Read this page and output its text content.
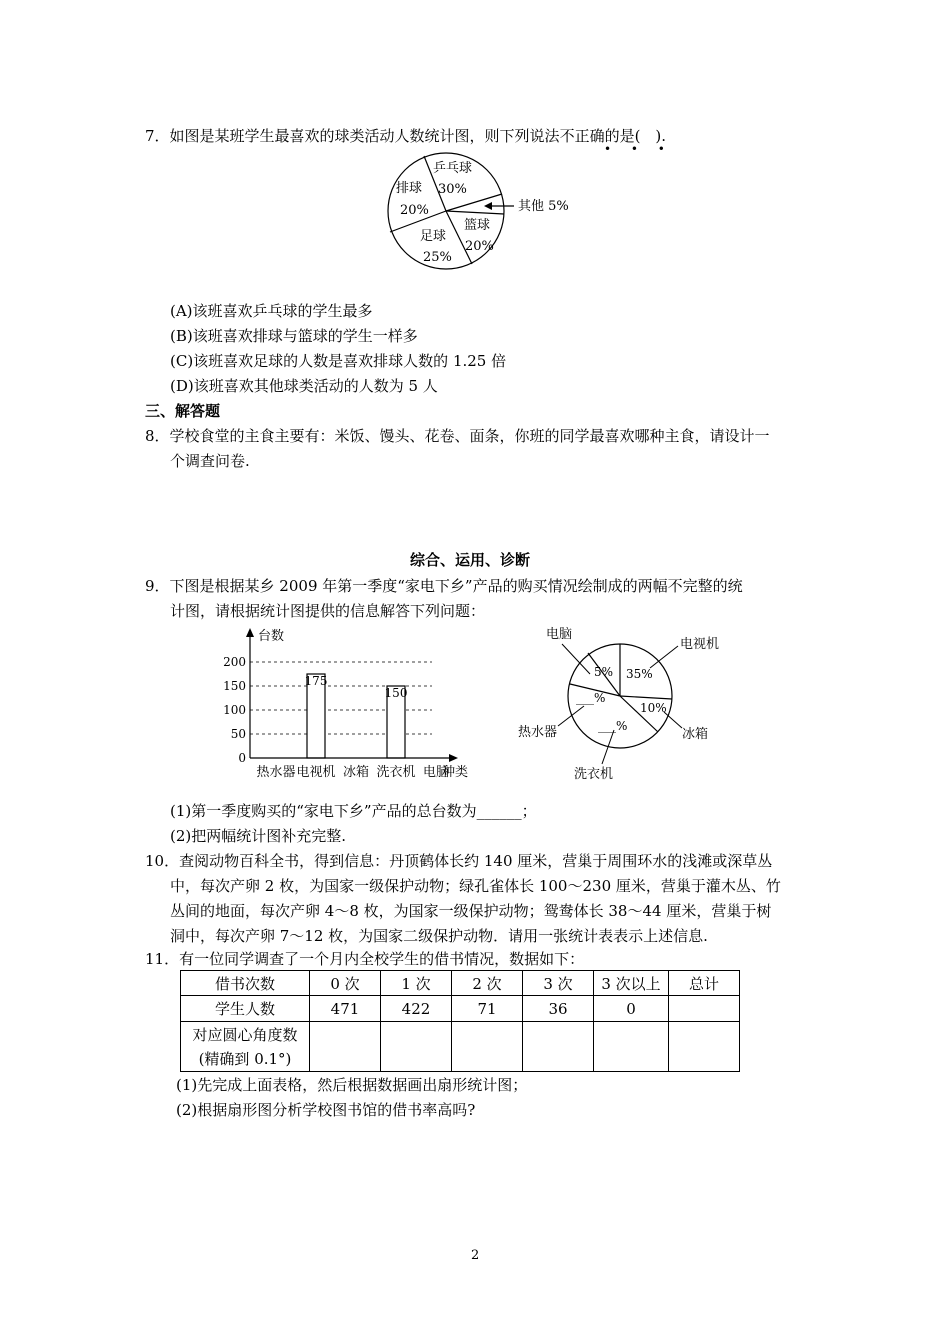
7．如图是某班学生最喜欢的球类活动人数统计图，则下列说法不正确的是(　).
• • •
乒乓球
30%
排球
20%
足球
25%
篮球
20%
其他 5%
(A)该班喜欢乒乓球的学生最多
(B)该班喜欢排球与篮球的学生一样多
(C)该班喜欢足球的人数是喜欢排球人数的 1.25 倍
(D)该班喜欢其他球类活动的人数为 5 人
三、解答题
8．学校食堂的主食主要有：米饭、馒头、花卷、面条，你班的同学最喜欢哪种主食，请设计一
个调查问卷.
综合、运用、诊断
9．下图是根据某乡 2009 年第一季度“家电下乡”产品的购买情况绘制成的两幅不完整的统
计图，请根据统计图提供的信息解答下列问题：
175
150
台数
0
50
100
150
200
热水器 电视机 冰箱 洗衣机 电脑
种类
电脑
电视机
热水器	冰箱
洗衣机
5% 35%
___%
10%
___%
(1)第一季度购买的“家电下乡”产品的总台数为______；
(2)把两幅统计图补充完整.
10．查阅动物百科全书，得到信息：丹顶鹤体长约 140 厘米，营巢于周围环水的浅滩或深草丛
中，每次产卵 2 枚，为国家一级保护动物；绿孔雀体长 100～230 厘米，营巢于灌木丛、竹
丛间的地面，每次产卵 4～8 枚，为国家一级保护动物；鸳鸯体长 38～44 厘米，营巢于树
洞中，每次产卵 7～12 枚，为国家二级保护动物．请用一张统计表表示上述信息.
11．有一位同学调查了一个月内全校学生的借书情况，数据如下：
借书次数	0 次	1 次	2 次	3 次	3 次以上	总计
学生人数	471	422	71	36	0	

对应圆心角度数
(精确到 0.1°)						

(1)先完成上面表格，然后根据数据画出扇形统计图；
(2)根据扇形图分析学校图书馆的借书率高吗?
2
